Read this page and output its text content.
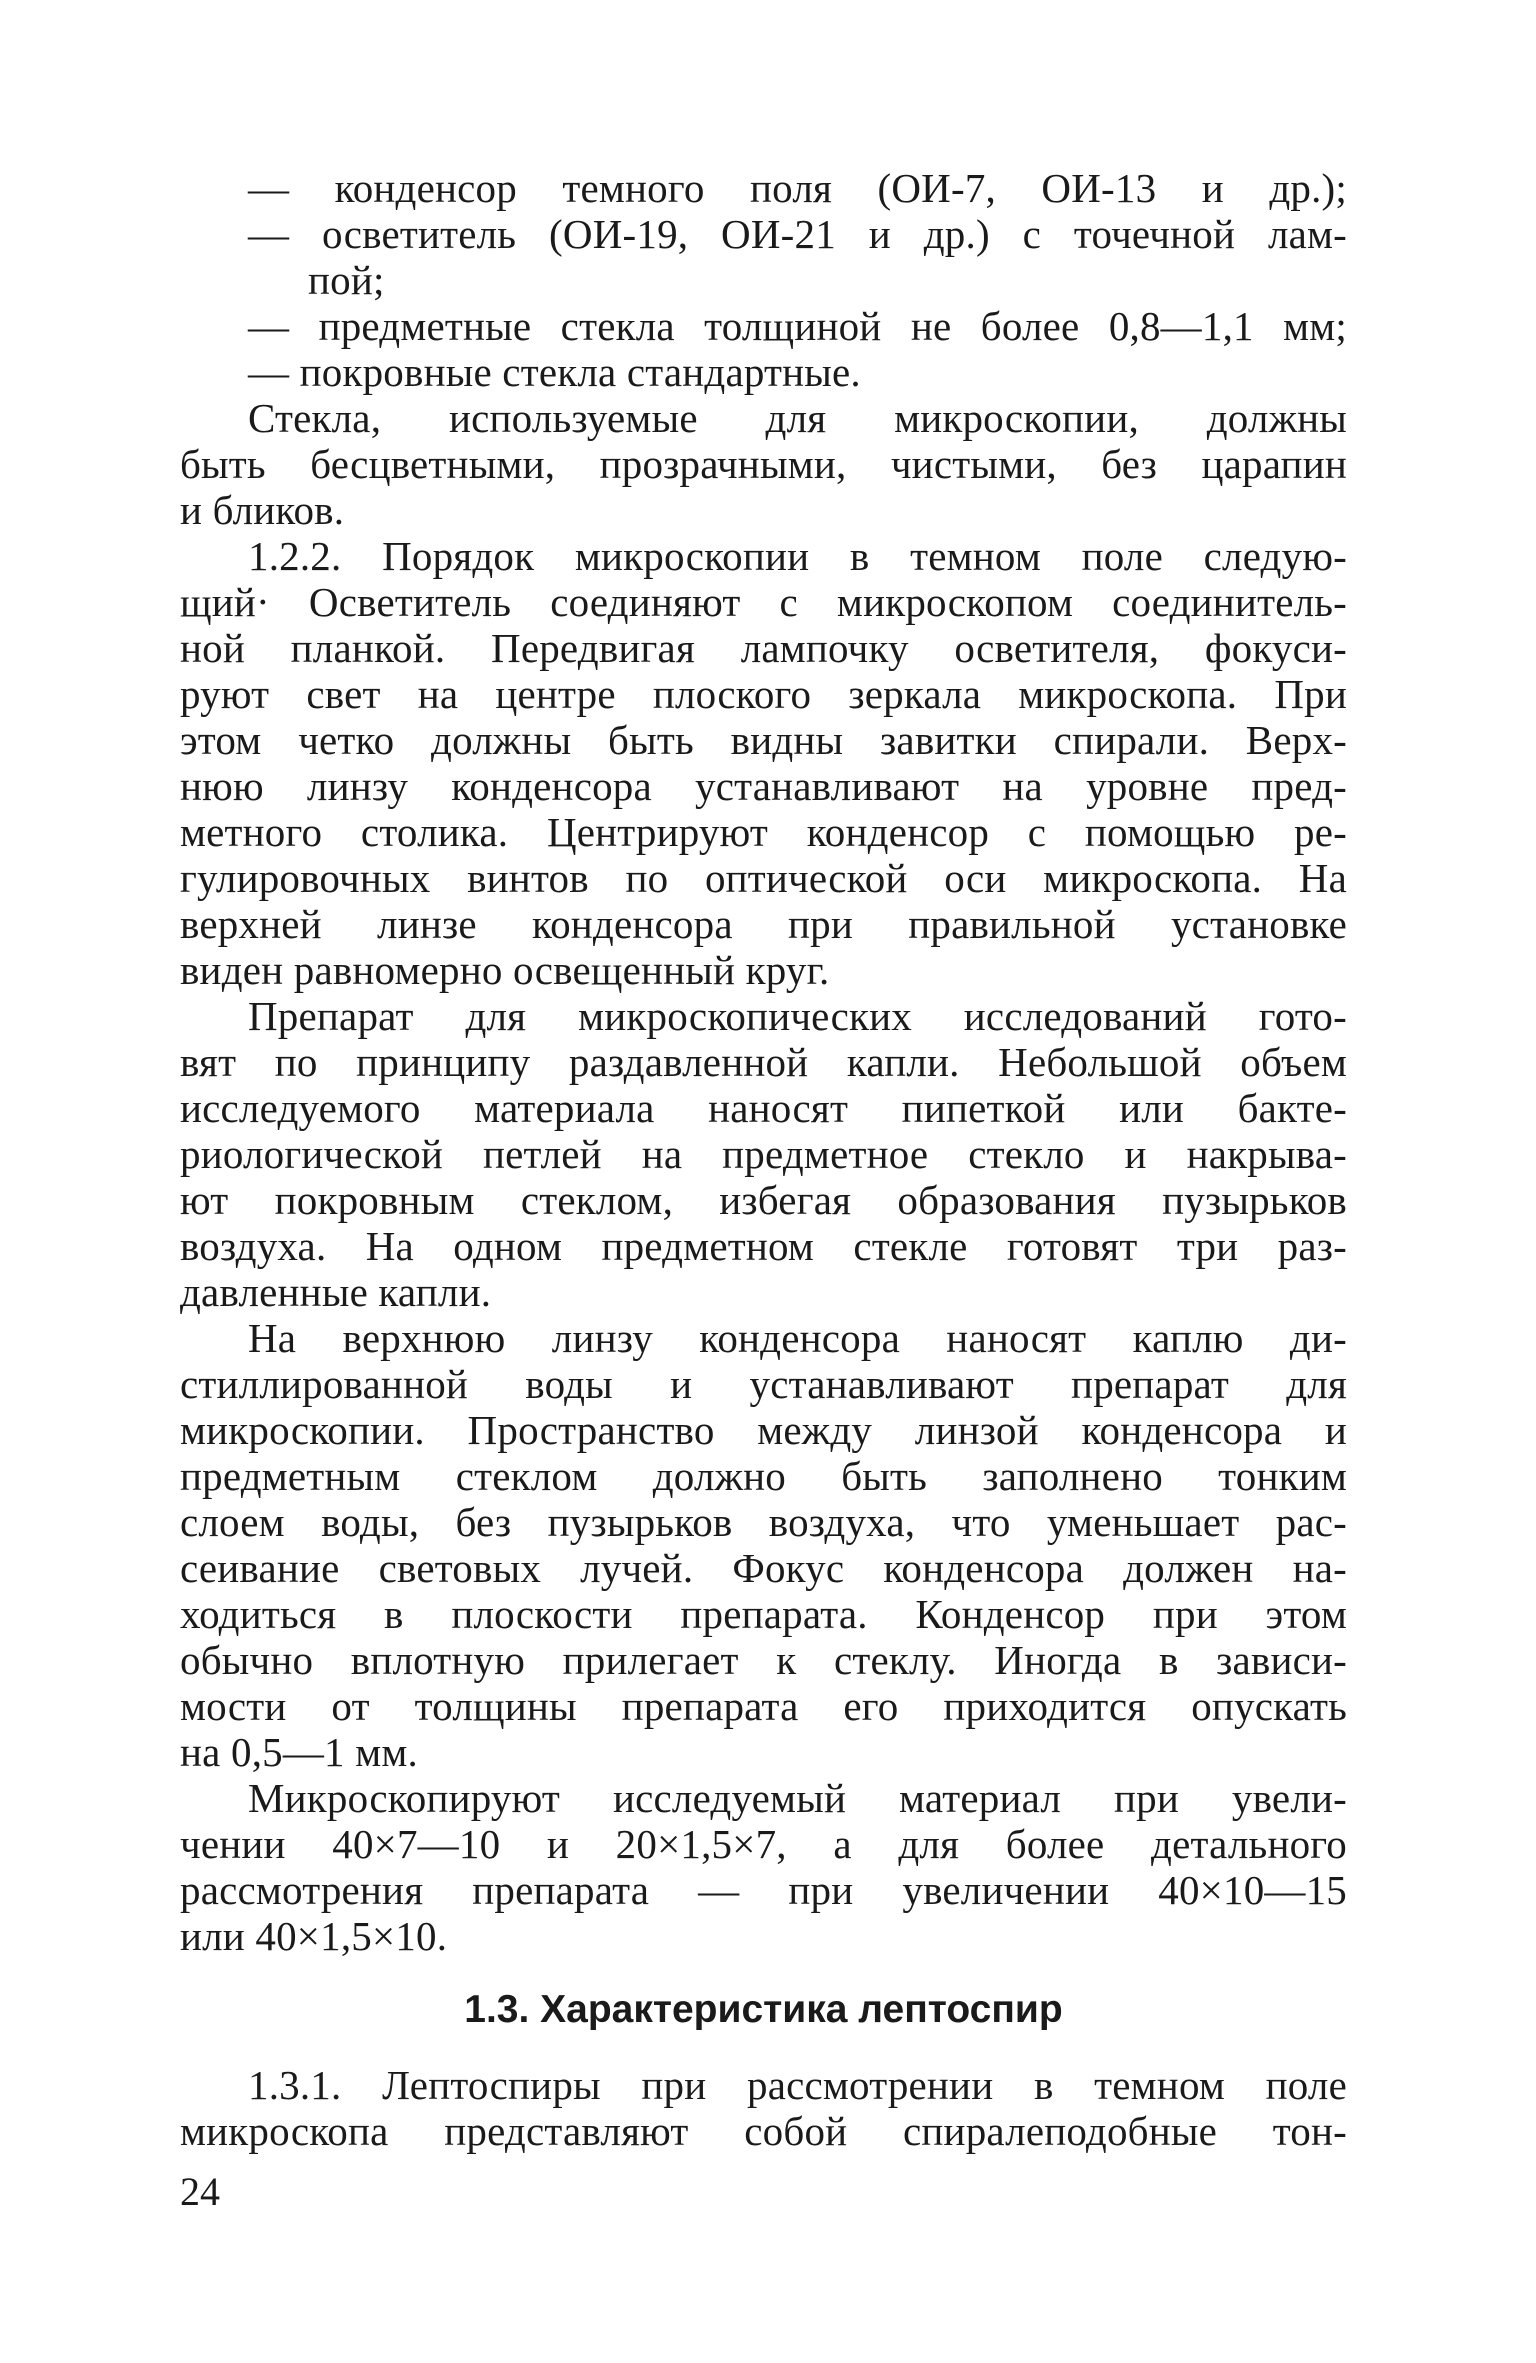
— конденсор темного поля (ОИ-7, ОИ-13 и др.);
— осветитель (ОИ-19, ОИ-21 и др.) с точечной лам-
пой;
— предметные стекла толщиной не более 0,8—1,1 мм;
— покровные стекла стандартные.
Стекла, используемые для микроскопии, должны
быть бесцветными, прозрачными, чистыми, без царапин
и бликов.
1.2.2. Порядок микроскопии в темном поле следую-
щий· Осветитель соединяют с микроскопом соединитель-
ной планкой. Передвигая лампочку осветителя, фокуси-
руют свет на центре плоского зеркала микроскопа. При
этом четко должны быть видны завитки спирали. Верх-
нюю линзу конденсора устанавливают на уровне пред-
метного столика. Центрируют конденсор с помощью ре-
гулировочных винтов по оптической оси микроскопа. На
верхней линзе конденсора при правильной установке
виден равномерно освещенный круг.
Препарат для микроскопических исследований гото-
вят по принципу раздавленной капли. Небольшой объем
исследуемого материала наносят пипеткой или бакте-
риологической петлей на предметное стекло и накрыва-
ют покровным стеклом, избегая образования пузырьков
воздуха. На одном предметном стекле готовят три раз-
давленные капли.
На верхнюю линзу конденсора наносят каплю ди-
стиллированной воды и устанавливают препарат для
микроскопии. Пространство между линзой конденсора и
предметным стеклом должно быть заполнено тонким
слоем воды, без пузырьков воздуха, что уменьшает рас-
сеивание световых лучей. Фокус конденсора должен на-
ходиться в плоскости препарата. Конденсор при этом
обычно вплотную прилегает к стеклу. Иногда в зависи-
мости от толщины препарата его приходится опускать
на 0,5—1 мм.
Микроскопируют исследуемый материал при увели-
чении 40×7—10 и 20×1,5×7, а для более детального
рассмотрения препарата — при увеличении 40×10—15
или 40×1,5×10.
1.3. Характеристика лептоспир
1.3.1. Лептоспиры при рассмотрении в темном поле
микроскопа представляют собой спиралеподобные тон-
24
